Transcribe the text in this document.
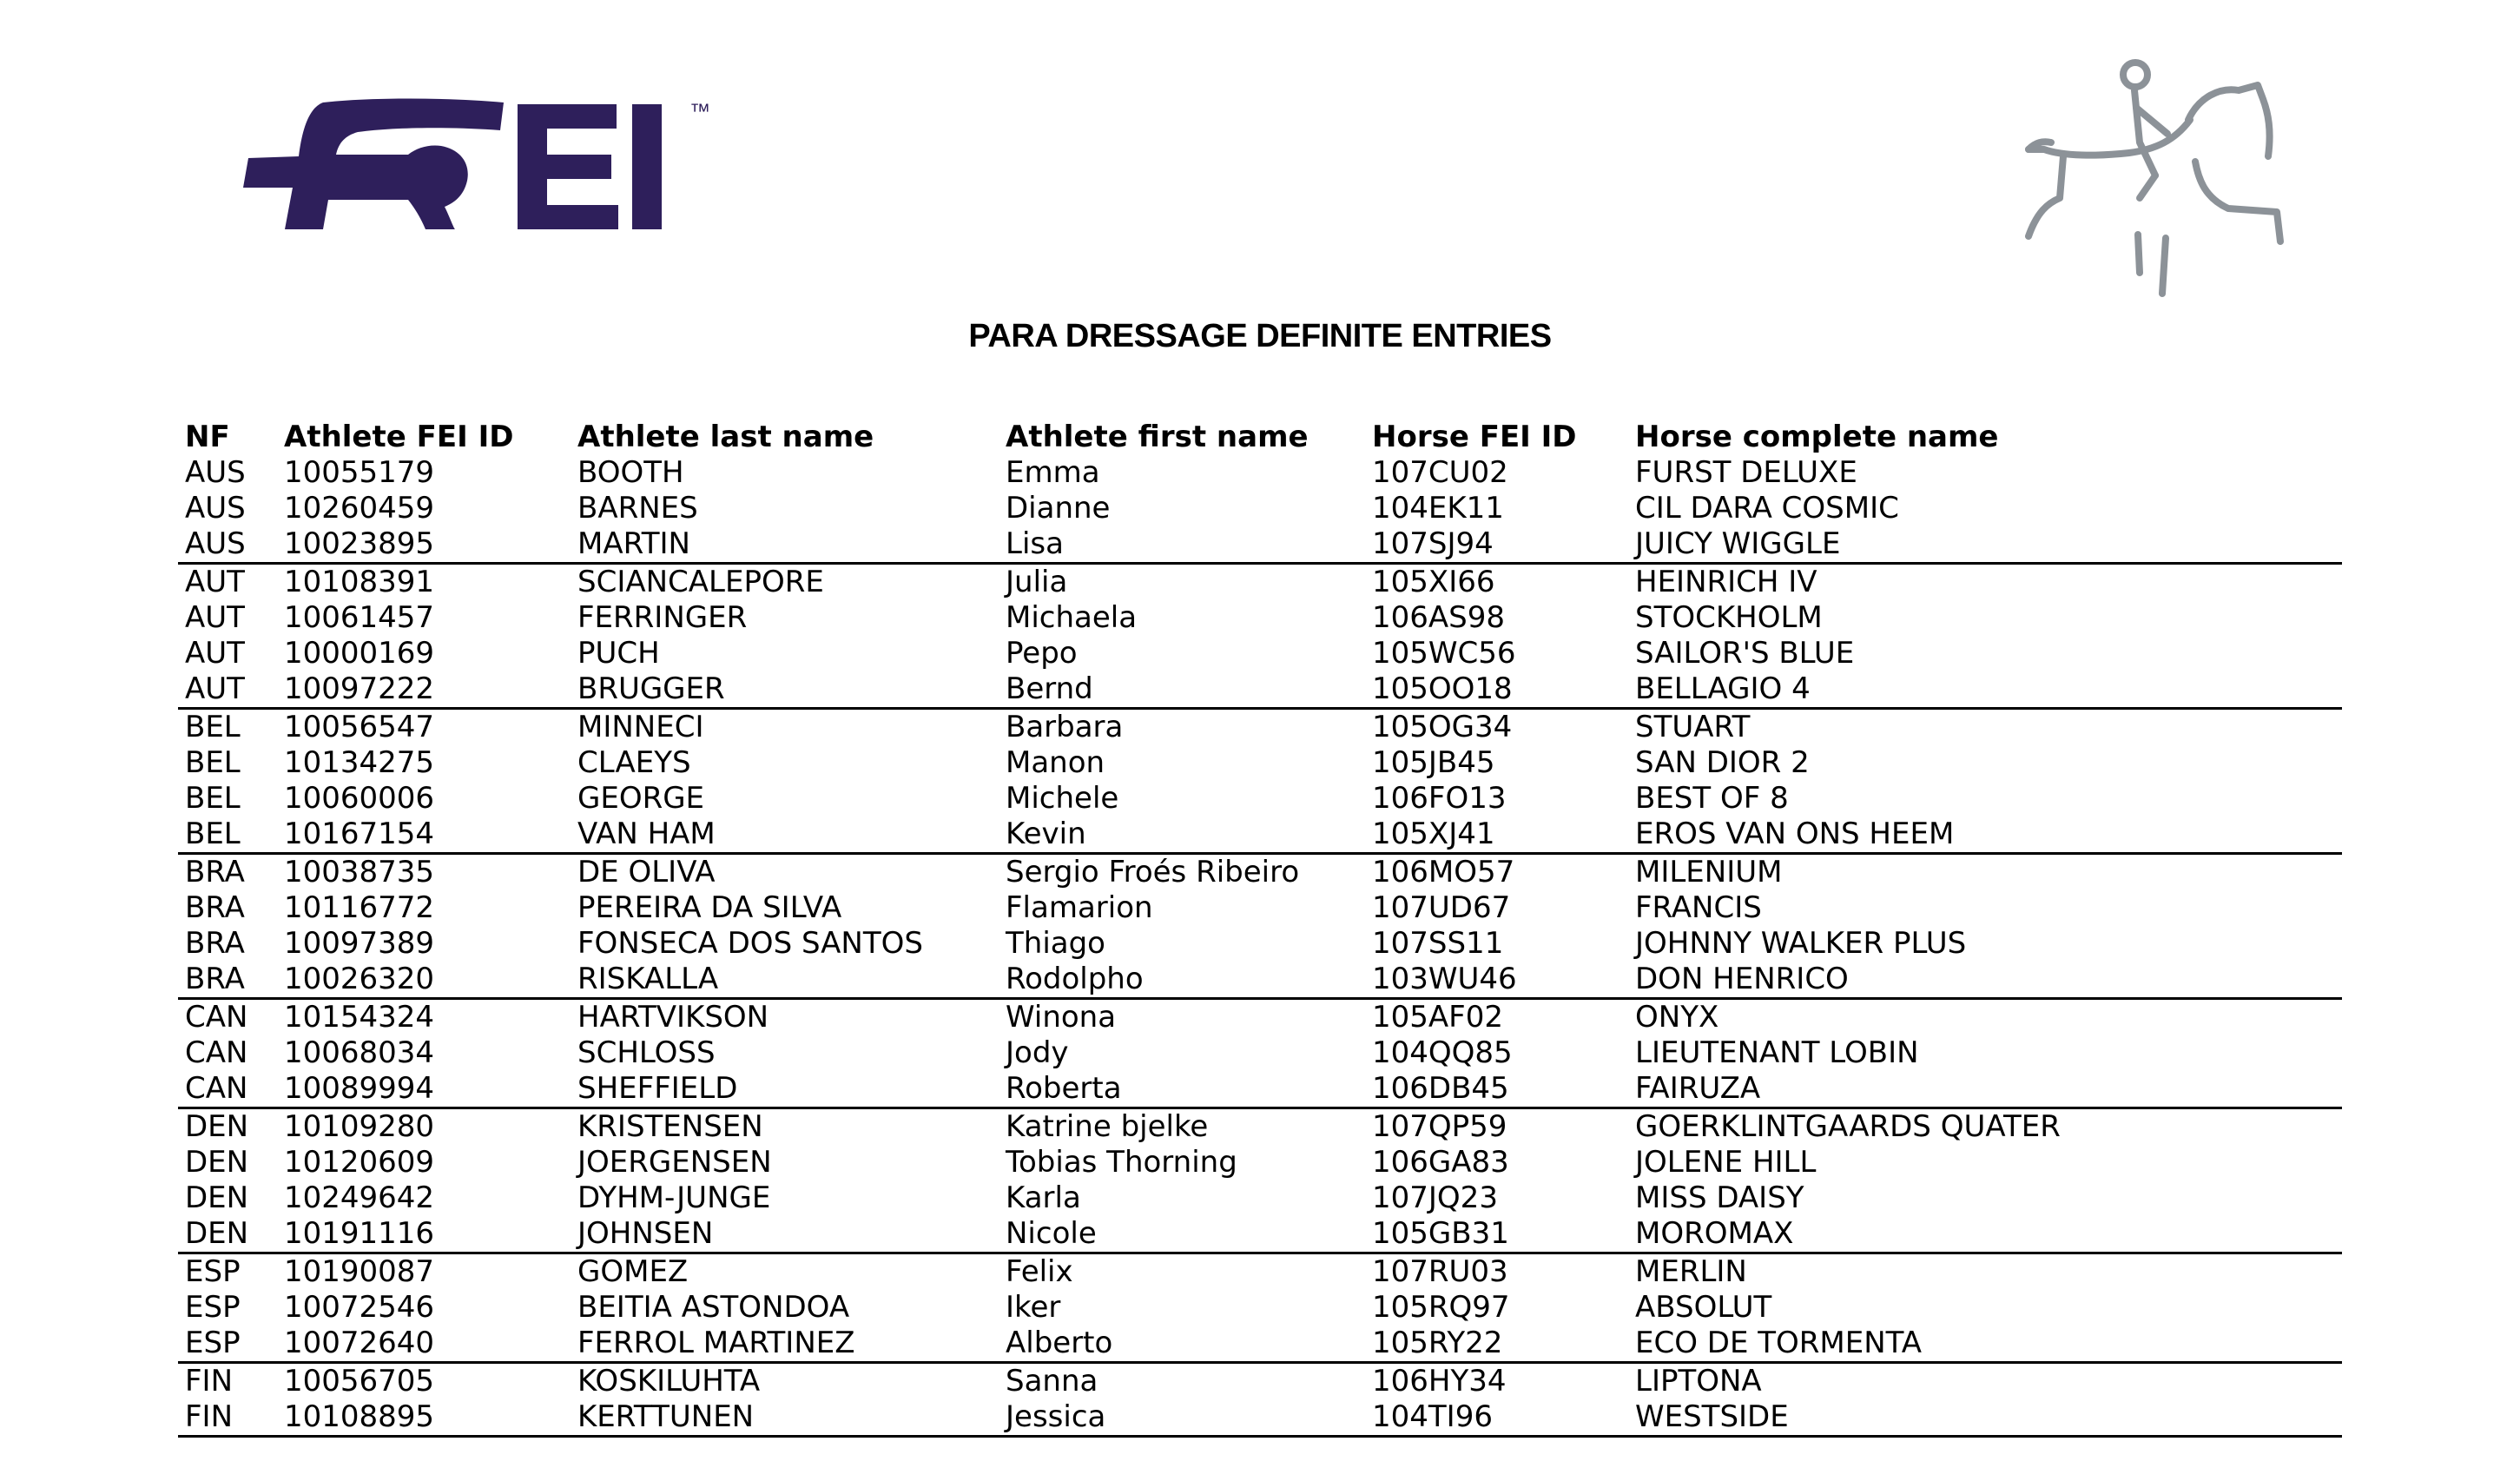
™
PARA DRESSAGE DEFINITE ENTRIES
NF	Athlete FEI ID	Athlete last name	Athlete first name	Horse FEI ID	Horse complete name
AUS	10055179	BOOTH	Emma	107CU02	FURST DELUXE
AUS	10260459	BARNES	Dianne	104EK11	CIL DARA COSMIC
AUS	10023895	MARTIN	Lisa	107SJ94	JUICY WIGGLE
AUT	10108391	SCIANCALEPORE	Julia	105XI66	HEINRICH IV
AUT	10061457	FERRINGER	Michaela	106AS98	STOCKHOLM
AUT	10000169	PUCH	Pepo	105WC56	SAILOR'S BLUE
AUT	10097222	BRUGGER	Bernd	105OO18	BELLAGIO 4
BEL	10056547	MINNECI	Barbara	105OG34	STUART
BEL	10134275	CLAEYS	Manon	105JB45	SAN DIOR 2
BEL	10060006	GEORGE	Michele	106FO13	BEST OF 8
BEL	10167154	VAN HAM	Kevin	105XJ41	EROS VAN ONS HEEM
BRA	10038735	DE OLIVA	Sergio Froés Ribeiro	106MO57	MILENIUM
BRA	10116772	PEREIRA DA SILVA	Flamarion	107UD67	FRANCIS
BRA	10097389	FONSECA DOS SANTOS	Thiago	107SS11	JOHNNY WALKER PLUS
BRA	10026320	RISKALLA	Rodolpho	103WU46	DON HENRICO
CAN	10154324	HARTVIKSON	Winona	105AF02	ONYX
CAN	10068034	SCHLOSS	Jody	104QQ85	LIEUTENANT LOBIN
CAN	10089994	SHEFFIELD	Roberta	106DB45	FAIRUZA
DEN	10109280	KRISTENSEN	Katrine bjelke	107QP59	GOERKLINTGAARDS QUATER
DEN	10120609	JOERGENSEN	Tobias Thorning	106GA83	JOLENE HILL
DEN	10249642	DYHM-JUNGE	Karla	107JQ23	MISS DAISY
DEN	10191116	JOHNSEN	Nicole	105GB31	MOROMAX
ESP	10190087	GOMEZ	Felix	107RU03	MERLIN
ESP	10072546	BEITIA ASTONDOA	Iker	105RQ97	ABSOLUT
ESP	10072640	FERROL MARTINEZ	Alberto	105RY22	ECO DE TORMENTA
FIN	10056705	KOSKILUHTA	Sanna	106HY34	LIPTONA
FIN	10108895	KERTTUNEN	Jessica	104TI96	WESTSIDE
